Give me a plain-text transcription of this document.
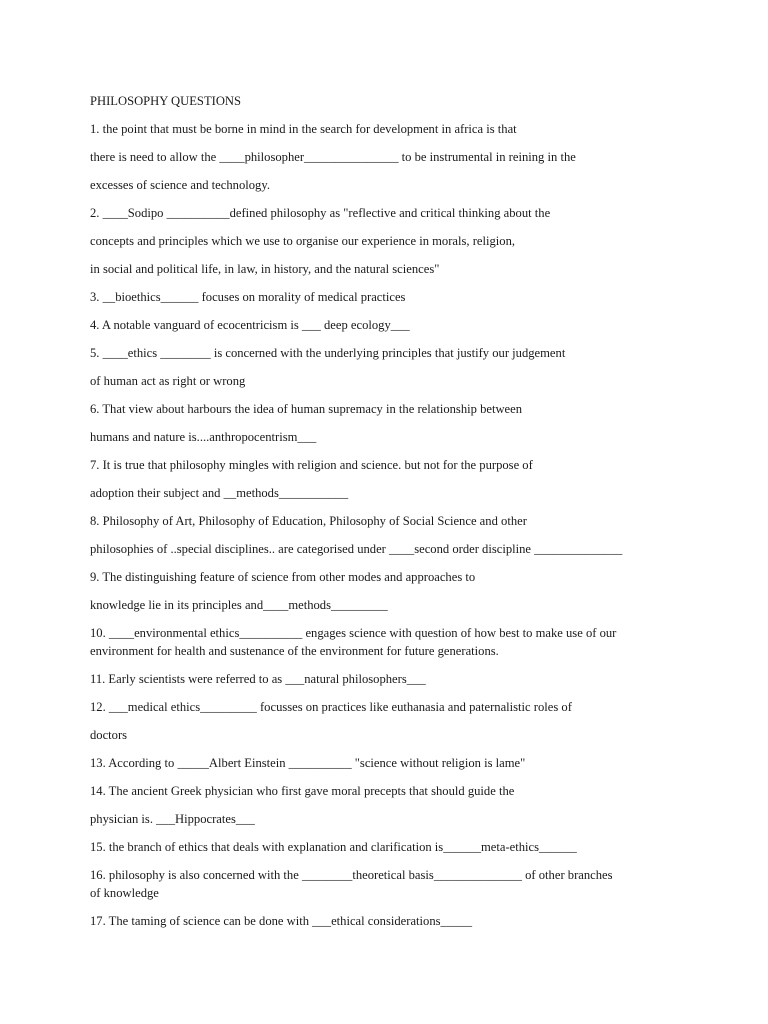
PHILOSOPHY QUESTIONS

1. the point that must be borne in mind in the search for development in africa is that

there is need to allow the ____philosopher_______________ to be instrumental in reining in the

excesses of science and technology.

2. ____Sodipo __________defined philosophy as "reflective and critical thinking about the

concepts and principles which we use to organise our experience in morals, religion,

in social and political life, in law, in history, and the natural sciences"

3. __bioethics______ focuses on morality of medical practices

4. A notable vanguard of ecocentricism is ___ deep ecology___

5. ____ethics ________ is concerned with the underlying principles that justify our judgement

of human act as right or wrong

6. That view about harbours the idea of human supremacy in the relationship between

humans and nature is....anthropocentrism___

7. It is true that philosophy mingles with religion and science. but not for the purpose of

adoption their subject and __methods___________

8. Philosophy of Art, Philosophy of Education, Philosophy of Social Science and other

philosophies of ..special disciplines.. are categorised under ____second order discipline ______________

9. The distinguishing feature of science from other modes and approaches to

knowledge lie in its principles and____methods_________

10. ____environmental ethics__________ engages science with question of how best to make use of our

environment for health and sustenance of the environment for future generations.

11. Early scientists were referred to as ___natural philosophers___

12. ___medical ethics_________ focusses on practices like euthanasia and paternalistic roles of

doctors

13. According to _____Albert Einstein __________ "science without religion is lame"

14. The ancient Greek physician who first gave moral precepts that should guide the

physician is. ___Hippocrates___

15. the branch of ethics that deals with explanation and clarification is______meta-ethics______

16. philosophy is also concerned with the ________theoretical basis______________ of other branches

of knowledge

17. The taming of science can be done with ___ethical considerations_____
